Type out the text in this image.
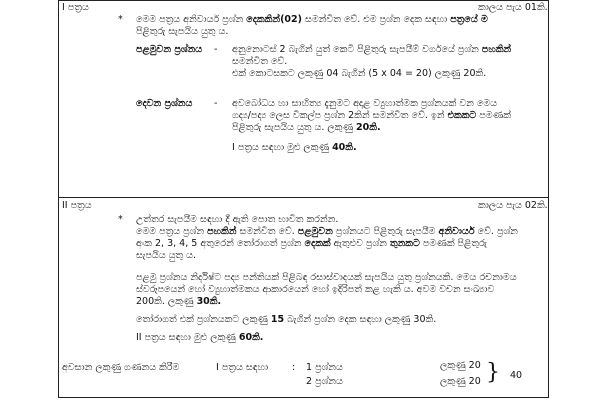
I පත්‍රය	කාලය පැය 01කි.
* මෙම පත්‍රය අනිවාර්ය ප්‍රශ්න දෙකකින්(02) සමන්විත වේ. එම ප්‍රශ්න දෙක සඳහා පත්‍රයේ ම
පිළිතුරු සැපයිය යුතු ය.
පළමුවන ප්‍රශ්නය - අනුනොටස් 2 බැගින් යුත් කෙටි පිළිතුරු සැපයීම් වර්ගයේ ප්‍රශ්න පහකින්
සමන්විත වේ.
එක් කොටසකට ලකුණු 04 බැගින් (5 x 04 = 20) ලකුණු 20කි.
දෙවන ප්‍රශ්නය - අවබෝධය හා සාහිත්‍ය දැනුමට අදාළ ව්‍යුහාත්මක ප්‍රශ්නයක් වන මෙය
ගද්‍ය/පද්‍ය ලෙස විකල්ප ප්‍රශ්න 2කින් සමන්විත වේ. ඉන් එකකට පමණක්
පිළිතුරු සැපයිය යුතු ය. ලකුණු 20කි.
I පත්‍රය සඳහා මුළු ලකුණු 40කි.
II පත්‍රය	කාලය පැය 02කි.
* උත්තර සැපයීම සඳහා දී ඇති පොත භාවිත කරන්න.
මෙම පත්‍රය ප්‍රශ්න පහකින් සමන්විත වේ. පළමුවන ප්‍රශ්නයට පිළිතුරු සැපයීම අනිවාර්ය වේ. ප්‍රශ්න
අංක 2, 3, 4, 5 අතුරෙන් තෝරාගත් ප්‍රශ්න දෙකක් ඇතුළුව ප්‍රශ්න තුනකට පමණක් පිළිතුරු
සැපයිය යුතු ය.
පළමු ප්‍රශ්නය නිර්දිෂ්ට පද්‍ය පන්තියක් පිළිබඳ රසාස්වාදයක් සැපයිය යුතු ප්‍රශ්නයකි. මෙය රචනාමය
ස්වරූපයෙන් හෝ ව්‍යුහාත්මකය ආකාරයෙන් හෝ ඉදිරිපත් කළ හැකි ය. අවම වචන සංඛ්‍යාව
200කි. ලකුණු 30කි.
තෝරාගත් එක් ප්‍රශ්නයකට ලකුණු 15 බැගින් ප්‍රශ්න දෙක සඳහා ලකුණු 30කි.
II පත්‍රය සඳහා මුළු ලකුණු 60කි.
අවසාන ලකුණු ගණනය කිරීම	I පත්‍රය සඳහා	: 1 ප්‍රශ්නය	ලකුණු 20
2 ප්‍රශ්නය	ලකුණු 20 } 40
